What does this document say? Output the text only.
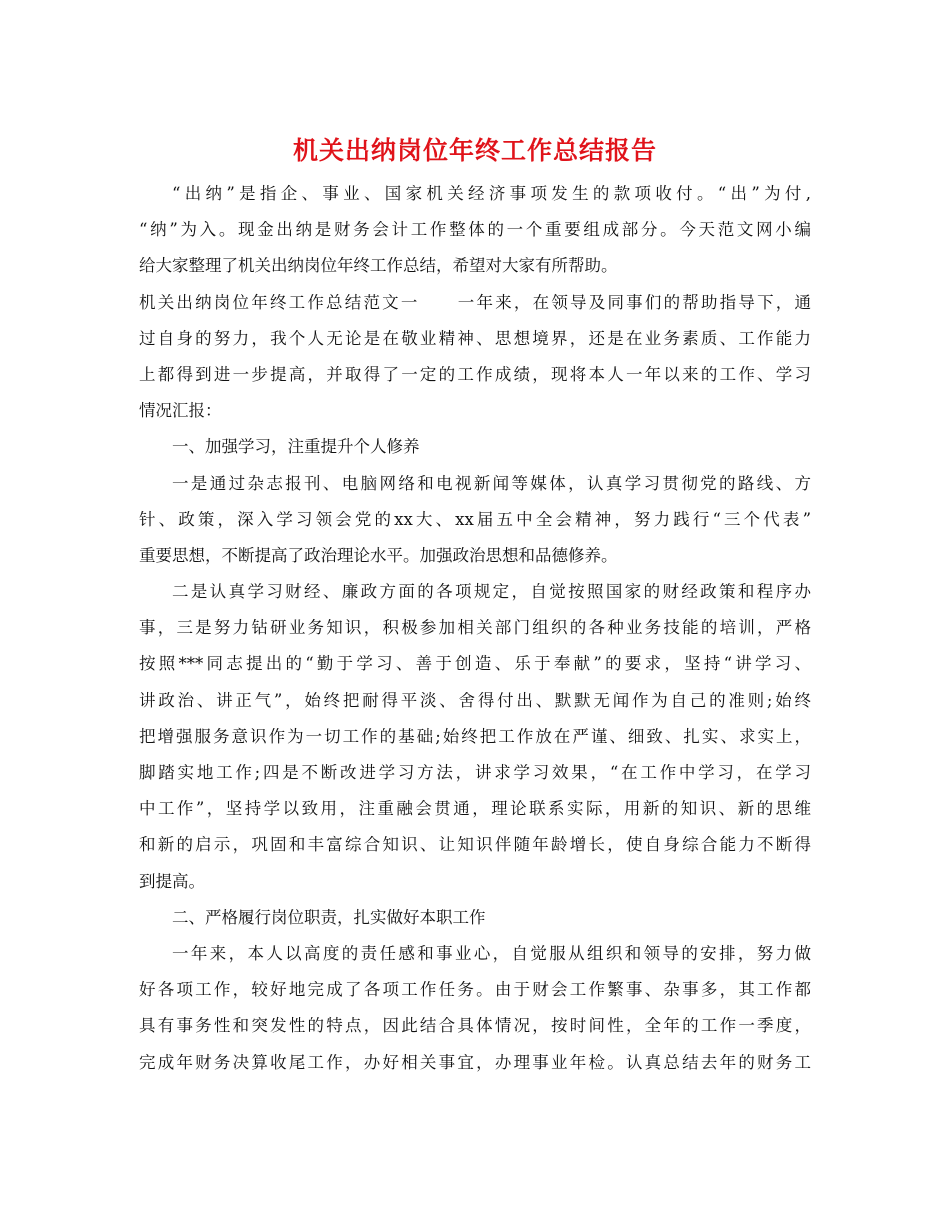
机关出纳岗位年终工作总结报告
“出纳”是指企、事业、国家机关经济事项发生的款项收付。“出”为付,
“纳”为入。现金出纳是财务会计工作整体的一个重要组成部分。今天范文网小编
给大家整理了机关出纳岗位年终工作总结，希望对大家有所帮助。
机关出纳岗位年终工作总结范文一 一年来，在领导及同事们的帮助指导下，通
过自身的努力，我个人无论是在敬业精神、思想境界，还是在业务素质、工作能力
上都得到进一步提高，并取得了一定的工作成绩，现将本人一年以来的工作、学习
情况汇报：
一、加强学习，注重提升个人修养
一是通过杂志报刊、电脑网络和电视新闻等媒体，认真学习贯彻党的路线、方
针、政策，深入学习领会党的xx大、xx届五中全会精神，努力践行“三个代表”
重要思想，不断提高了政治理论水平。加强政治思想和品德修养。
二是认真学习财经、廉政方面的各项规定，自觉按照国家的财经政策和程序办
事，三是努力钻研业务知识，积极参加相关部门组织的各种业务技能的培训，严格
按照***同志提出的“勤于学习、善于创造、乐于奉献”的要求，坚持“讲学习、
讲政治、讲正气”，始终把耐得平淡、舍得付出、默默无闻作为自己的准则;始终
把增强服务意识作为一切工作的基础;始终把工作放在严谨、细致、扎实、求实上，
脚踏实地工作;四是不断改进学习方法，讲求学习效果，“在工作中学习，在学习
中工作”，坚持学以致用，注重融会贯通，理论联系实际，用新的知识、新的思维
和新的启示，巩固和丰富综合知识、让知识伴随年龄增长，使自身综合能力不断得
到提高。
二、严格履行岗位职责，扎实做好本职工作
一年来，本人以高度的责任感和事业心，自觉服从组织和领导的安排，努力做
好各项工作，较好地完成了各项工作任务。由于财会工作繁事、杂事多，其工作都
具有事务性和突发性的特点，因此结合具体情况，按时间性，全年的工作一季度，
完成年财务决算收尾工作，办好相关事宜，办理事业年检。认真总结去年的财务工
